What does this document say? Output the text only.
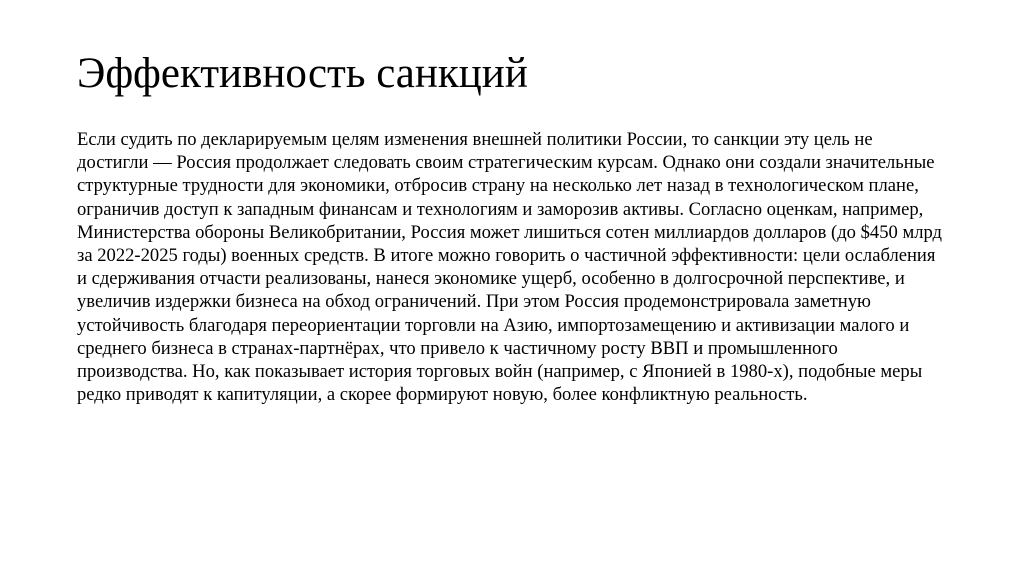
Эффективность санкций

Если судить по декларируемым целям изменения внешней политики России, то санкции эту цель не достигли — Россия продолжает следовать своим стратегическим курсам. Однако они создали значительные структурные трудности для экономики, отбросив страну на несколько лет назад в технологическом плане, ограничив доступ к западным финансам и технологиям и заморозив активы. Согласно оценкам, например, Министерства обороны Великобритании, Россия может лишиться сотен миллиардов долларов (до $450 млрд за 2022-2025 годы) военных средств. В итоге можно говорить о частичной эффективности: цели ослабления и сдерживания отчасти реализованы, нанеся экономике ущерб, особенно в долгосрочной перспективе, и увеличив издержки бизнеса на обход ограничений. При этом Россия продемонстрировала заметную устойчивость благодаря переориентации торговли на Азию, импортозамещению и активизации малого и среднего бизнеса в странах-партнёрах, что привело к частичному росту ВВП и промышленного производства. Но, как показывает история торговых войн (например, с Японией в 1980-х), подобные меры редко приводят к капитуляции, а скорее формируют новую, более конфликтную реальность.
